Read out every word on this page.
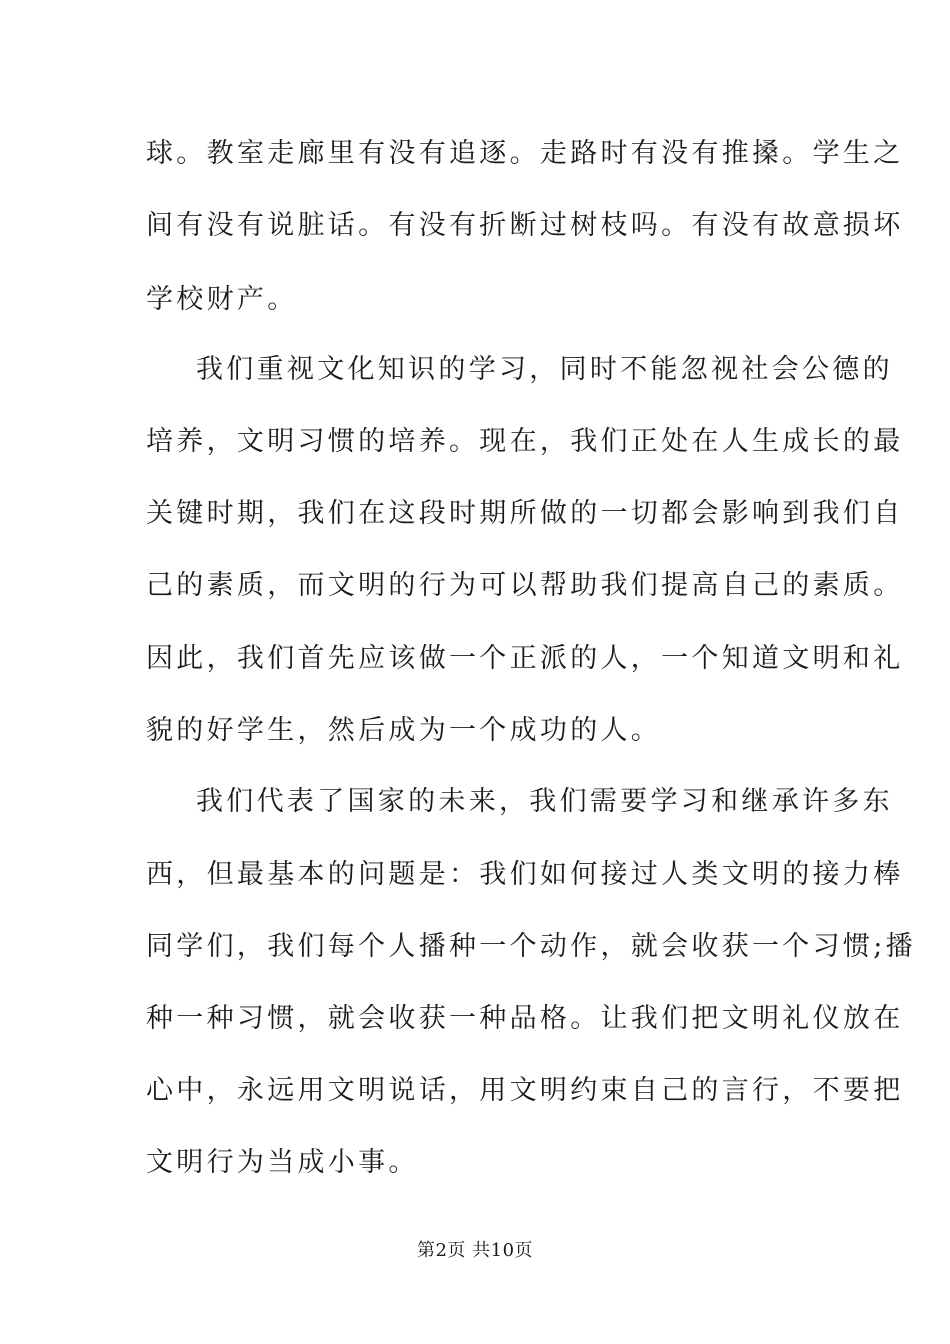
球。教室走廊里有没有追逐。走路时有没有推搡。学生之
间有没有说脏话。有没有折断过树枝吗。有没有故意损坏
学校财产。
我们重视文化知识的学习，同时不能忽视社会公德的
培养，文明习惯的培养。现在，我们正处在人生成长的最
关键时期，我们在这段时期所做的一切都会影响到我们自
己的素质，而文明的行为可以帮助我们提高自己的素质。
因此，我们首先应该做一个正派的人，一个知道文明和礼
貌的好学生，然后成为一个成功的人。
我们代表了国家的未来，我们需要学习和继承许多东
西，但最基本的问题是：我们如何接过人类文明的接力棒
同学们，我们每个人播种一个动作，就会收获一个习惯;播
种一种习惯，就会收获一种品格。让我们把文明礼仪放在
心中，永远用文明说话，用文明约束自己的言行，不要把
文明行为当成小事。
第2页 共10页
